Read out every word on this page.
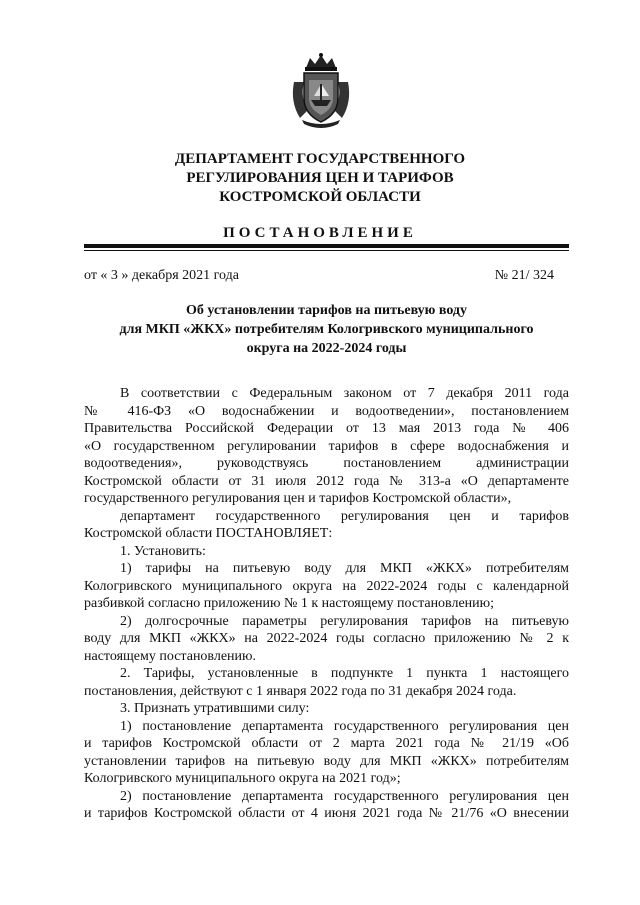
ДЕПАРТАМЕНТ ГОСУДАРСТВЕННОГО
РЕГУЛИРОВАНИЯ ЦЕН И ТАРИФОВ
КОСТРОМСКОЙ ОБЛАСТИ
ПОСТАНОВЛЕНИЕ
от « 3 » декабря 2021 года	№ 21/ 324
Об установлении тарифов на питьевую воду
для МКП «ЖКХ» потребителям Кологривского муниципального
округа на 2022-2024 годы

В соответствии с Федеральным законом от 7 декабря 2011 года

№ 416-ФЗ «О водоснабжении и водоотведении», постановлением

Правительства Российской Федерации от 13 мая 2013 года № 406

«О государственном регулировании тарифов в сфере водоснабжения и

водоотведения», руководствуясь постановлением администрации

Костромской области от 31 июля 2012 года № 313-а «О департаменте

государственного регулирования цен и тарифов Костромской области»,

департамент государственного регулирования цен и тарифов

Костромской области ПОСТАНОВЛЯЕТ:

1. Установить:

1) тарифы на питьевую воду для МКП «ЖКХ» потребителям

Кологривского муниципального округа на 2022-2024 годы с календарной

разбивкой согласно приложению № 1 к настоящему постановлению;

2) долгосрочные параметры регулирования тарифов на питьевую

воду для МКП «ЖКХ» на 2022-2024 годы согласно приложению № 2 к

настоящему постановлению.

2. Тарифы, установленные в подпункте 1 пункта 1 настоящего

постановления, действуют с 1 января 2022 года по 31 декабря 2024 года.

3. Признать утратившими силу:

1) постановление департамента государственного регулирования цен

и тарифов Костромской области от 2 марта 2021 года № 21/19 «Об

установлении тарифов на питьевую воду для МКП «ЖКХ» потребителям

Кологривского муниципального округа на 2021 год»;

2) постановление департамента государственного регулирования цен

и тарифов Костромской области от 4 июня 2021 года № 21/76 «О внесении
